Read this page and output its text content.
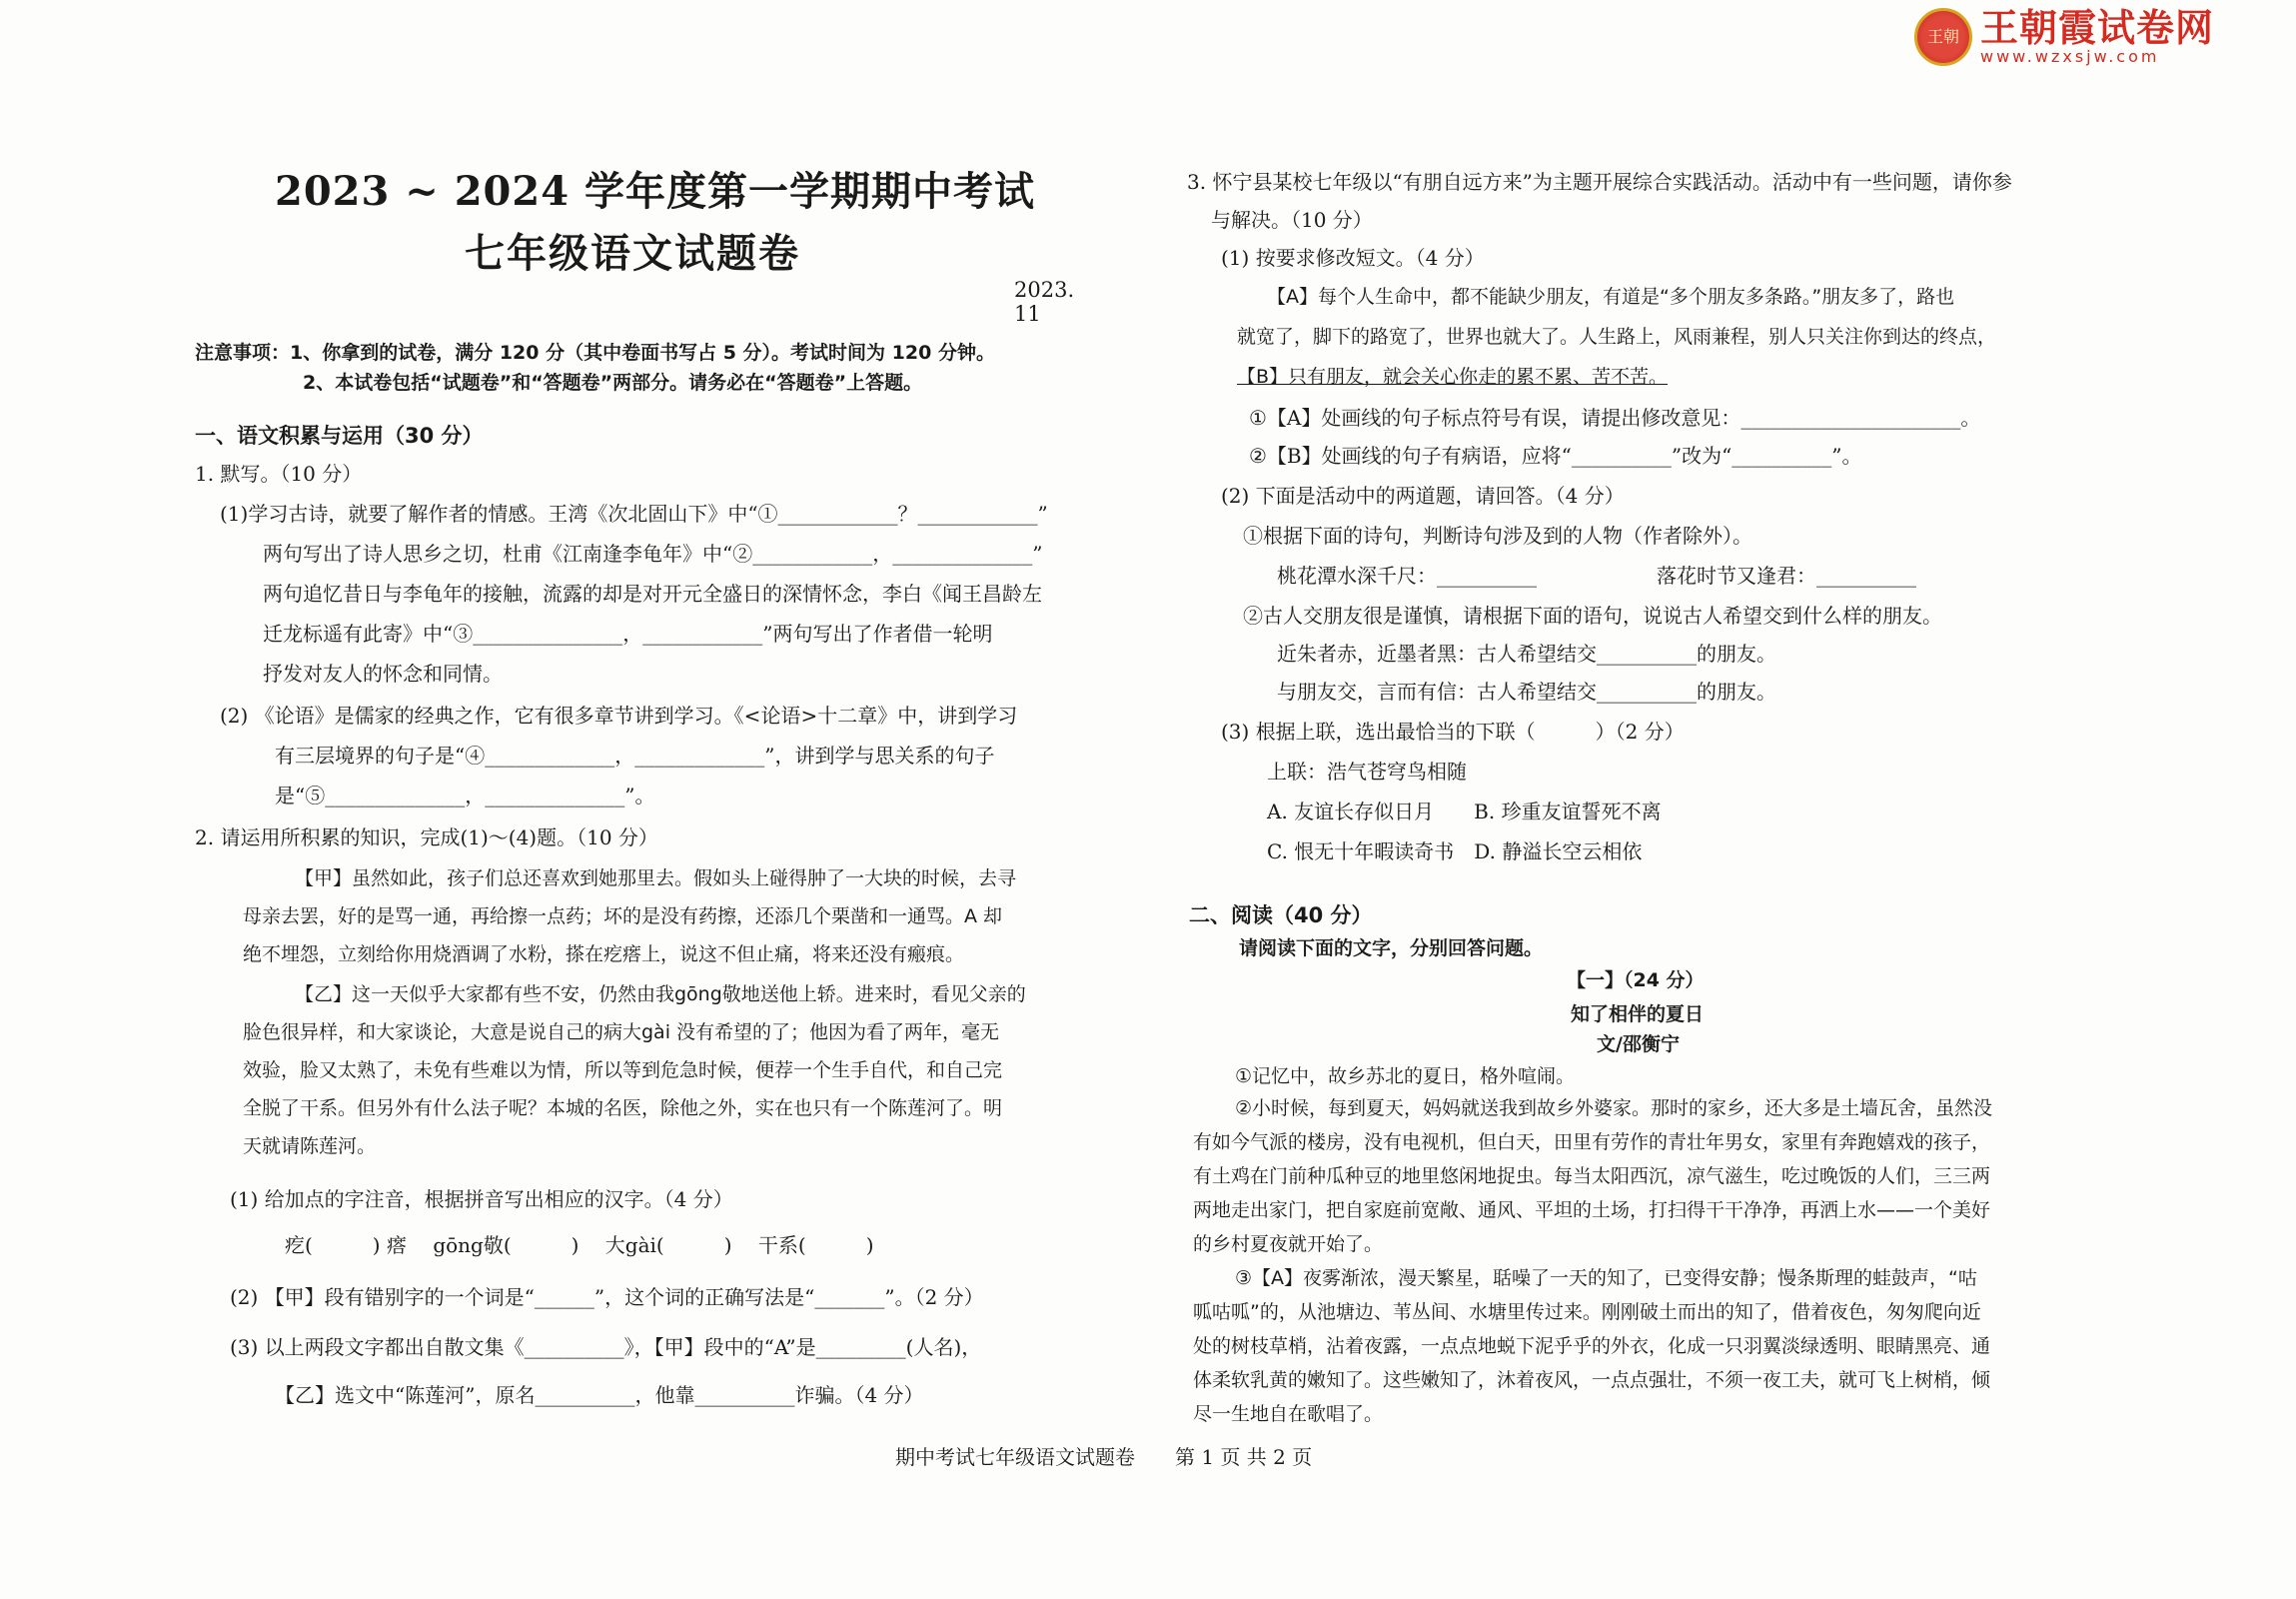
王朝 王朝霞试卷网
www.wzxsjw.com
2023 ~ 2024 学年度第一学期期中考试
七年级语文试题卷
2023. 11
注意事项：1、你拿到的试卷，满分 120 分（其中卷面书写占 5 分）。考试时间为 120 分钟。
2、本试卷包括“试题卷”和“答题卷”两部分。请务必在“答题卷”上答题。
一、语文积累与运用（30 分）
1. 默写。（10 分）
(1)学习古诗，就要了解作者的情感。王湾《次北固山下》中“①____________？____________”
两句写出了诗人思乡之切，杜甫《江南逢李龟年》中“②____________，______________”
两句追忆昔日与李龟年的接触，流露的却是对开元全盛日的深情怀念，李白《闻王昌龄左
迁龙标遥有此寄》中“③_______________，____________”两句写出了作者借一轮明
抒发对友人的怀念和同情。
(2) 《论语》是儒家的经典之作，它有很多章节讲到学习。《<论语>十二章》中，讲到学习
有三层境界的句子是“④_____________，_____________”，讲到学与思关系的句子
是“⑤______________，______________”。
2. 请运用所积累的知识，完成(1)～(4)题。（10 分）
【甲】虽然如此，孩子们总还喜欢到她那里去。假如头上碰得肿了一大块的时候，去寻
母亲去罢，好的是骂一通，再给擦一点药；坏的是没有药擦，还添几个栗凿和一通骂。A 却
绝不埋怨，立刻给你用烧酒调了水粉，搽在疙瘩上，说这不但止痛，将来还没有瘢痕。
【乙】这一天似乎大家都有些不安，仍然由我gōng敬地送他上轿。进来时，看见父亲的
脸色很异样，和大家谈论，大意是说自己的病大gài 没有希望的了；他因为看了两年，毫无
效验，脸又太熟了，未免有些难以为情，所以等到危急时候，便荐一个生手自代，和自己完
全脱了干系。但另外有什么法子呢？本城的名医，除他之外，实在也只有一个陈莲河了。明
天就请陈莲河。
(1) 给加点的字注音，根据拼音写出相应的汉字。（4 分）
疙(　　　) 瘩　 gōng敬(　　　)　 大gài(　　　)　 干系(　　　)
(2) 【甲】段有错别字的一个词是“______”，这个词的正确写法是“_______”。（2 分）
(3) 以上两段文字都出自散文集《__________》，【甲】段中的“A”是_________(人名)，
【乙】选文中“陈莲河”，原名__________，他靠__________诈骗。（4 分）
3. 怀宁县某校七年级以“有朋自远方来”为主题开展综合实践活动。活动中有一些问题，请你参
与解决。（10 分）
(1) 按要求修改短文。（4 分）
【A】每个人生命中，都不能缺少朋友，有道是“多个朋友多条路。”朋友多了，路也
就宽了，脚下的路宽了，世界也就大了。人生路上，风雨兼程，别人只关注你到达的终点，
【B】只有朋友，就会关心你走的累不累、苦不苦。
①【A】处画线的句子标点符号有误，请提出修改意见：______________________。
②【B】处画线的句子有病语，应将“__________”改为“__________”。
(2) 下面是活动中的两道题，请回答。（4 分）
①根据下面的诗句，判断诗句涉及到的人物（作者除外）。
桃花潭水深千尺：__________　　　　　　落花时节又逢君：__________
②古人交朋友很是谨慎，请根据下面的语句，说说古人希望交到什么样的朋友。
近朱者赤，近墨者黑：古人希望结交__________的朋友。
与朋友交，言而有信：古人希望结交__________的朋友。
(3) 根据上联，选出最恰当的下联（　　　）（2 分）
上联：浩气苍穹鸟相随
A. 友谊长存似日月　　B. 珍重友谊誓死不离
C. 恨无十年暇读奇书　D. 静溢长空云相依
二、阅读（40 分）
请阅读下面的文字，分别回答问题。
【一】（24 分）
知了相伴的夏日
文/邵衡宁
①记忆中，故乡苏北的夏日，格外喧闹。
②小时候，每到夏天，妈妈就送我到故乡外婆家。那时的家乡，还大多是土墙瓦舍，虽然没
有如今气派的楼房，没有电视机，但白天，田里有劳作的青壮年男女，家里有奔跑嬉戏的孩子，
有土鸡在门前种瓜种豆的地里悠闲地捉虫。每当太阳西沉，凉气滋生，吃过晚饭的人们，三三两
两地走出家门，把自家庭前宽敞、通风、平坦的土场，打扫得干干净净，再洒上水——一个美好
的乡村夏夜就开始了。
③【A】夜雾渐浓，漫天繁星，聒噪了一天的知了，已变得安静；慢条斯理的蛙鼓声，“咕
呱咕呱”的，从池塘边、苇丛间、水塘里传过来。刚刚破土而出的知了，借着夜色，匆匆爬向近
处的树枝草梢，沾着夜露，一点点地蜕下泥乎乎的外衣，化成一只羽翼淡绿透明、眼睛黑亮、通
体柔软乳黄的嫩知了。这些嫩知了，沐着夜风，一点点强壮，不须一夜工夫，就可飞上树梢，倾
尽一生地自在歌唱了。
期中考试七年级语文试题卷　　第 1 页 共 2 页
